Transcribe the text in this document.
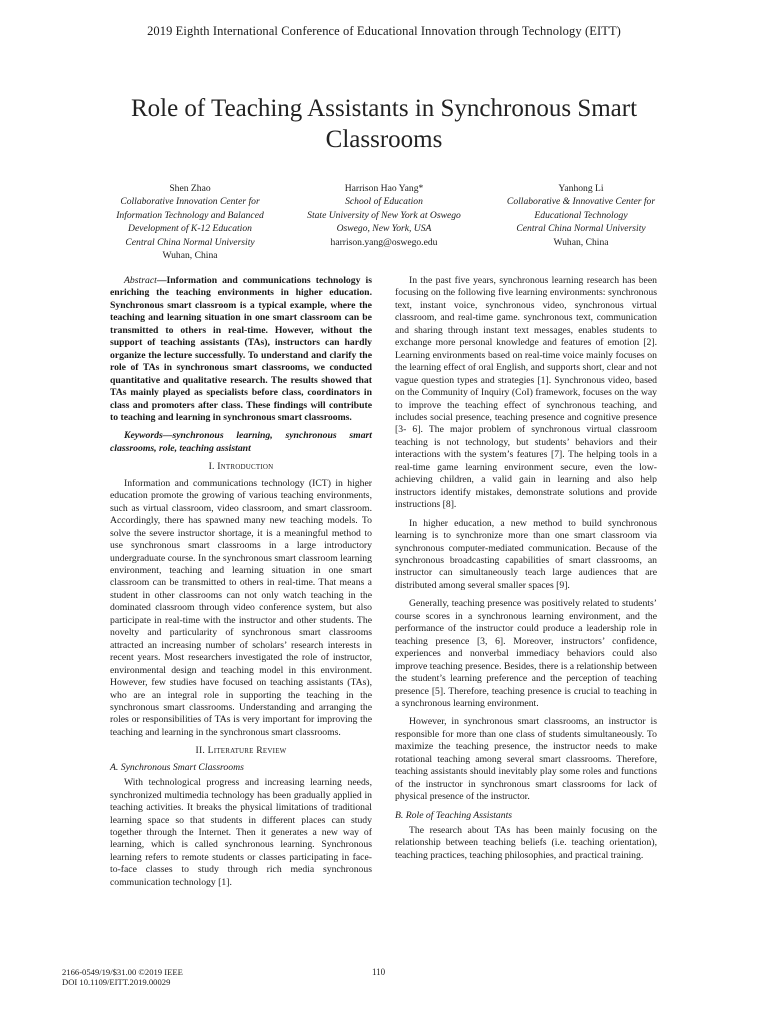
2019 Eighth International Conference of Educational Innovation through Technology (EITT)
Role of Teaching Assistants in Synchronous Smart Classrooms
Shen Zhao
Collaborative Innovation Center for
Information Technology and Balanced
Development of K-12 Education
Central China Normal University
Wuhan, China
Harrison Hao Yang*
School of Education
State University of New York at Oswego
Oswego, New York, USA
harrison.yang@oswego.edu
Yanhong Li
Collaborative & Innovative Center for
Educational Technology
Central China Normal University
Wuhan, China

Abstract—Information and communications technology is enriching the teaching environments in higher education. Synchronous smart classroom is a typical example, where the teaching and learning situation in one smart classroom can be transmitted to others in real-time. However, without the support of teaching assistants (TAs), instructors can hardly organize the lecture successfully. To understand and clarify the role of TAs in synchronous smart classrooms, we conducted quantitative and qualitative research. The results showed that TAs mainly played as specialists before class, coordinators in class and promoters after class. These findings will contribute to teaching and learning in synchronous smart classrooms.

Keywords—synchronous learning, synchronous smart classrooms, role, teaching assistant

I. Introduction

Information and communications technology (ICT) in higher education promote the growing of various teaching environments, such as virtual classroom, video classroom, and smart classroom. Accordingly, there has spawned many new teaching models. To solve the severe instructor shortage, it is a meaningful method to use synchronous smart classrooms in a large introductory undergraduate course. In the synchronous smart classroom learning environment, teaching and learning situation in one smart classroom can be transmitted to others in real-time. That means a student in other classrooms can not only watch teaching in the dominated classroom through video conference system, but also participate in real-time with the instructor and other students. The novelty and particularity of synchronous smart classrooms attracted an increasing number of scholars’ research interests in recent years. Most researchers investigated the role of instructor, environmental design and teaching model in this environment. However, few studies have focused on teaching assistants (TAs), who are an integral role in supporting the teaching in the synchronous smart classrooms. Understanding and arranging the roles or responsibilities of TAs is very important for improving the teaching and learning in the synchronous smart classrooms.

II. Literature Review
A. Synchronous Smart Classrooms

With technological progress and increasing learning needs, synchronized multimedia technology has been gradually applied in teaching activities. It breaks the physical limitations of traditional learning space so that students in different places can study together through the Internet. Then it generates a new way of learning, which is called synchronous learning. Synchronous learning refers to remote students or classes participating in face-to-face classes to study through rich media synchronous communication technology [1].

In the past five years, synchronous learning research has been focusing on the following five learning environments: synchronous text, instant voice, synchronous video, synchronous virtual classroom, and real-time game. synchronous text, communication and sharing through instant text messages, enables students to exchange more personal knowledge and features of emotion [2]. Learning environments based on real-time voice mainly focuses on the learning effect of oral English, and supports short, clear and not vague question types and strategies [1]. Synchronous video, based on the Community of Inquiry (CoI) framework, focuses on the way to improve the teaching effect of synchronous teaching, and includes social presence, teaching presence and cognitive presence [3- 6]. The major problem of synchronous virtual classroom teaching is not technology, but students’ behaviors and their interactions with the system’s features [7]. The helping tools in a real-time game learning environment secure, even the low-achieving children, a valid gain in learning and also help instructors identify mistakes, demonstrate solutions and provide instructions [8].

In higher education, a new method to build synchronous learning is to synchronize more than one smart classroom via synchronous computer-mediated communication. Because of the synchronous broadcasting capabilities of smart classrooms, an instructor can simultaneously teach large audiences that are distributed among several smaller spaces [9].

Generally, teaching presence was positively related to students’ course scores in a synchronous learning environment, and the performance of the instructor could produce a leadership role in teaching presence [3, 6]. Moreover, instructors’ confidence, experiences and nonverbal immediacy behaviors could also improve teaching presence. Besides, there is a relationship between the student’s learning preference and the perception of teaching presence [5]. Therefore, teaching presence is crucial to teaching in a synchronous learning environment.

However, in synchronous smart classrooms, an instructor is responsible for more than one class of students simultaneously. To maximize the teaching presence, the instructor needs to make rotational teaching among several smart classrooms. Therefore, teaching assistants should inevitably play some roles and functions of the instructor in synchronous smart classrooms for lack of physical presence of the instructor.

B. Role of Teaching Assistants

The research about TAs has been mainly focusing on the relationship between teaching beliefs (i.e. teaching orientation), teaching practices, teaching philosophies, and practical training.

2166-0549/19/$31.00 ©2019 IEEE
DOI 10.1109/EITT.2019.00029
110
